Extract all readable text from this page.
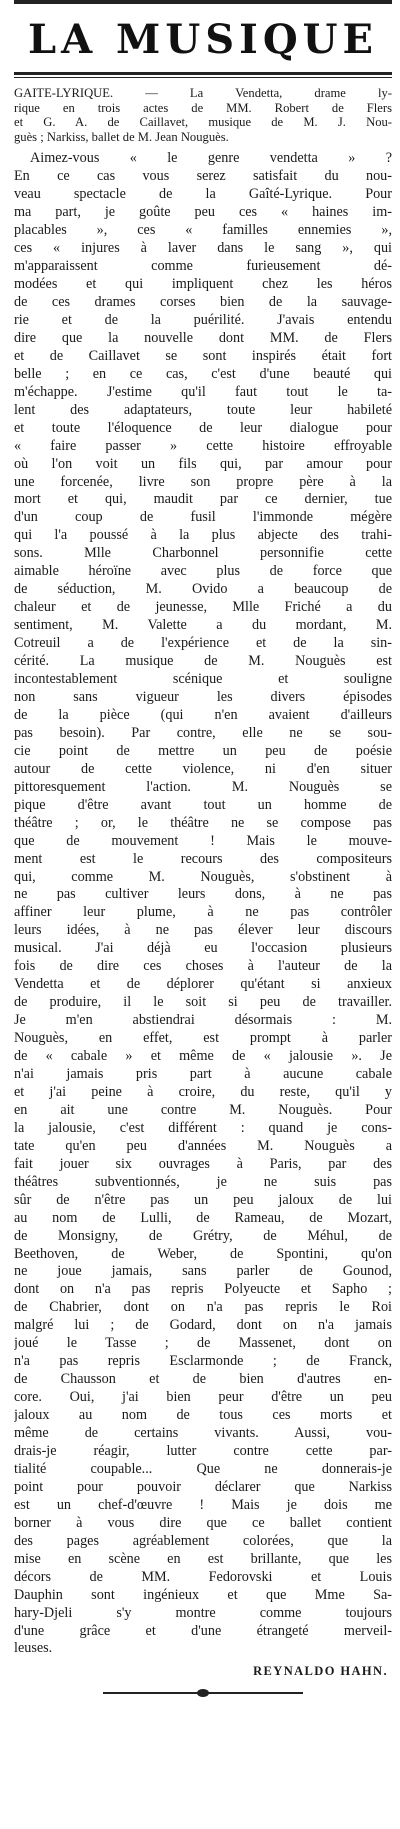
LA MUSIQUE
GAITE-LYRIQUE. — La Vendetta, drame ly-
rique en trois actes de MM. Robert de Flers
et G. A. de Caillavet, musique de M. J. Nou-
guès ; Narkiss, ballet de M. Jean Nouguès.
Aimez-vous « le genre vendetta » ?
En ce cas vous serez satisfait du nou-
veau spectacle de la Gaîté-Lyrique. Pour
ma part, je goûte peu ces « haines im-
placables », ces « familles ennemies »,
ces « injures à laver dans le sang », qui
m'apparaissent comme furieusement dé-
modées et qui impliquent chez les héros
de ces drames corses bien de la sauvage-
rie et de la puérilité. J'avais entendu
dire que la nouvelle dont MM. de Flers
et de Caillavet se sont inspirés était fort
belle ; en ce cas, c'est d'une beauté qui
m'échappe. J'estime qu'il faut tout le ta-
lent des adaptateurs, toute leur habileté
et toute l'éloquence de leur dialogue pour
« faire passer » cette histoire effroyable
où l'on voit un fils qui, par amour pour
une forcenée, livre son propre père à la
mort et qui, maudit par ce dernier, tue
d'un coup de fusil l'immonde mégère
qui l'a poussé à la plus abjecte des trahi-
sons. Mlle Charbonnel personnifie cette
aimable héroïne avec plus de force que
de séduction, M. Ovido a beaucoup de
chaleur et de jeunesse, Mlle Friché a du
sentiment, M. Valette a du mordant, M.
Cotreuil a de l'expérience et de la sin-
cérité. La musique de M. Nouguès est
incontestablement scénique et souligne
non sans vigueur les divers épisodes
de la pièce (qui n'en avaient d'ailleurs
pas besoin). Par contre, elle ne se sou-
cie point de mettre un peu de poésie
autour de cette violence, ni d'en situer
pittoresquement l'action. M. Nouguès se
pique d'être avant tout un homme de
théâtre ; or, le théâtre ne se compose pas
que de mouvement ! Mais le mouve-
ment est le recours des compositeurs
qui, comme M. Nouguès, s'obstinent à
ne pas cultiver leurs dons, à ne pas
affiner leur plume, à ne pas contrôler
leurs idées, à ne pas élever leur discours
musical. J'ai déjà eu l'occasion plusieurs
fois de dire ces choses à l'auteur de la
Vendetta et de déplorer qu'étant si anxieux
de produire, il le soit si peu de travailler.
Je m'en abstiendrai désormais : M.
Nouguès, en effet, est prompt à parler
de « cabale » et même de « jalousie ». Je
n'ai jamais pris part à aucune cabale
et j'ai peine à croire, du reste, qu'il y
en ait une contre M. Nouguès. Pour
la jalousie, c'est différent : quand je cons-
tate qu'en peu d'années M. Nouguès a
fait jouer six ouvrages à Paris, par des
théâtres subventionnés, je ne suis pas
sûr de n'être pas un peu jaloux de lui
au nom de Lulli, de Rameau, de Mozart,
de Monsigny, de Grétry, de Méhul, de
Beethoven, de Weber, de Spontini, qu'on
ne joue jamais, sans parler de Gounod,
dont on n'a pas repris Polyeucte et Sapho ;
de Chabrier, dont on n'a pas repris le Roi
malgré lui ; de Godard, dont on n'a jamais
joué le Tasse ; de Massenet, dont on
n'a pas repris Esclarmonde ; de Franck,
de Chausson et de bien d'autres en-
core. Oui, j'ai bien peur d'être un peu
jaloux au nom de tous ces morts et
même de certains vivants. Aussi, vou-
drais-je réagir, lutter contre cette par-
tialité coupable... Que ne donnerais-je
point pour pouvoir déclarer que Narkiss
est un chef-d'œuvre ! Mais je dois me
borner à vous dire que ce ballet contient
des pages agréablement colorées, que la
mise en scène en est brillante, que les
décors de MM. Fedorovski et Louis
Dauphin sont ingénieux et que Mme Sa-
hary-Djeli s'y montre comme toujours
d'une grâce et d'une étrangeté merveil-
leuses.
REYNALDO HAHN.
